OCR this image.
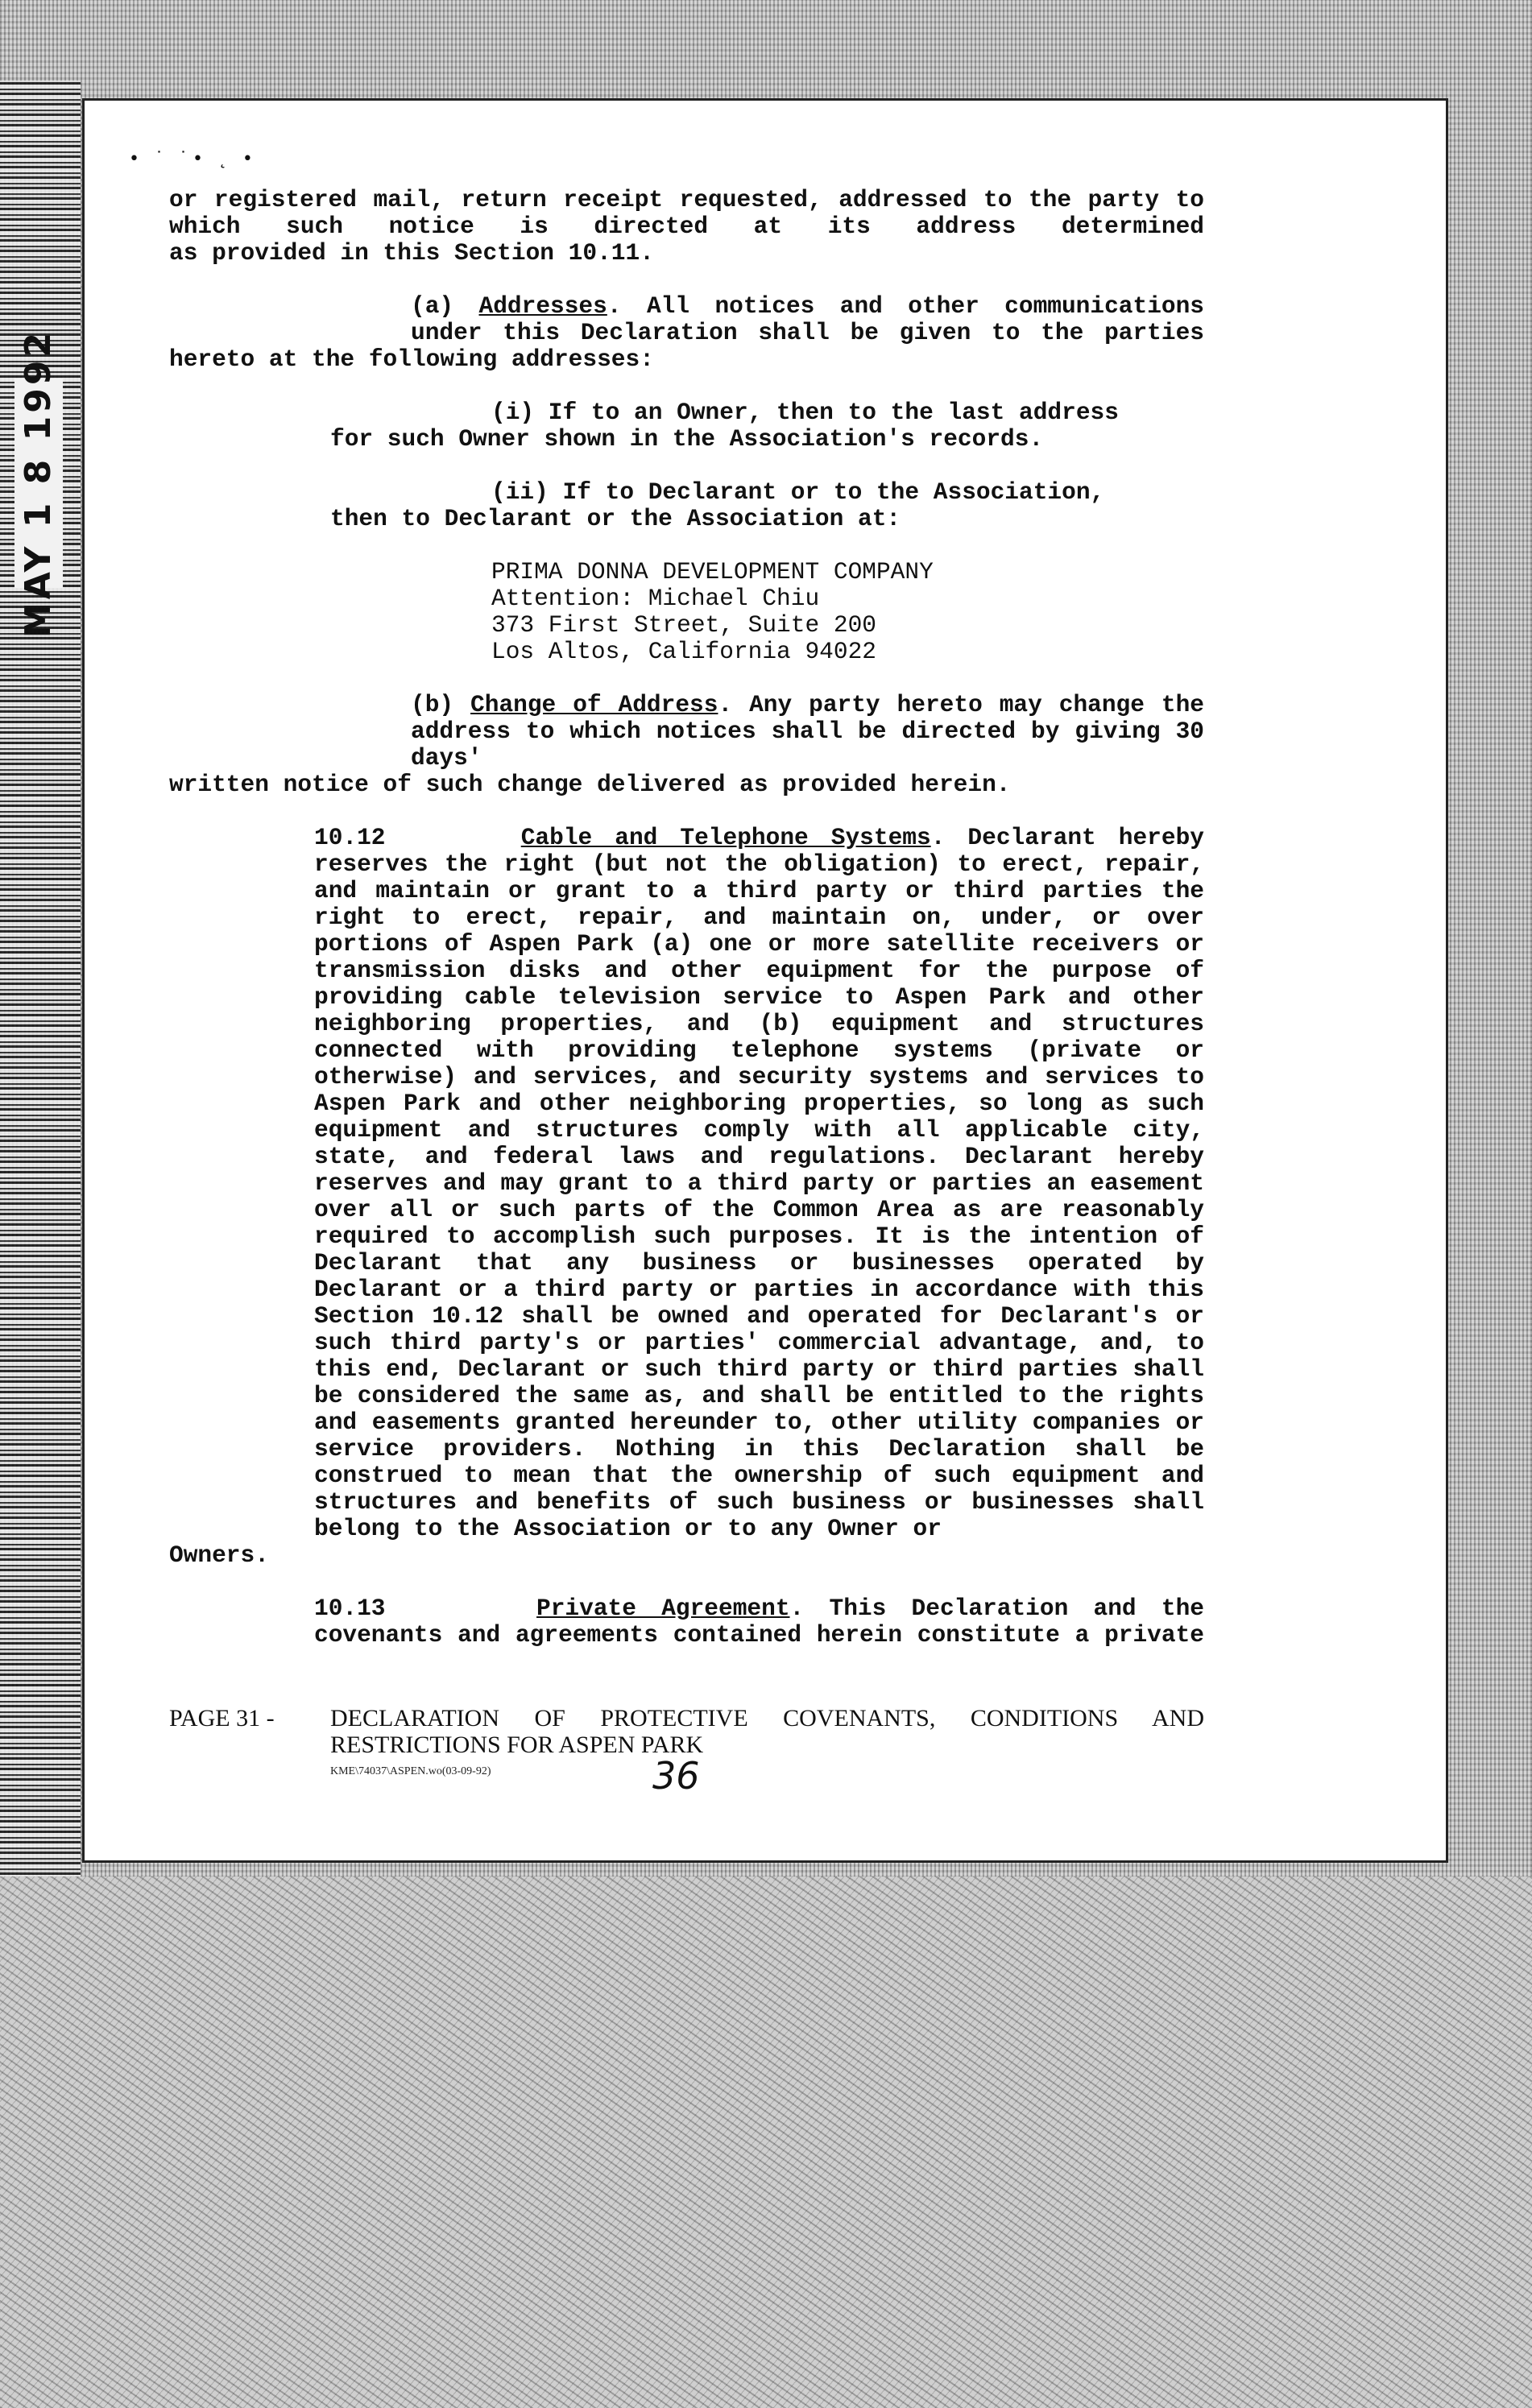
MAY 1 8 1992
• ˙ ˙• ˛ •

or registered mail, return receipt requested, addressed to the party to which such notice is directed at its address determined

as provided in this Section 10.11.

(a) Addresses. All notices and other communications under this Declaration shall be given to the parties

hereto at the following addresses:

(i) If to an Owner, then to the last address

for such Owner shown in the Association's records.

(ii) If to Declarant or to the Association,

then to Declarant or the Association at:

PRIMA DONNA DEVELOPMENT COMPANY

Attention: Michael Chiu

373 First Street, Suite 200

Los Altos, California 94022

(b) Change of Address. Any party hereto may change the address to which notices shall be directed by giving 30 days'

written notice of such change delivered as provided herein.

10.12      Cable and Telephone Systems. Declarant hereby reserves the right (but not the obligation) to erect, repair, and maintain or grant to a third party or third parties the right to erect, repair, and maintain on, under, or over portions of Aspen Park (a) one or more satellite receivers or transmission disks and other equipment for the purpose of providing cable television service to Aspen Park and other neighboring properties, and (b) equipment and structures connected with providing telephone systems (private or otherwise) and services, and security systems and services to Aspen Park and other neighboring properties, so long as such equipment and structures comply with all applicable city, state, and federal laws and regulations. Declarant hereby reserves and may grant to a third party or parties an easement over all or such parts of the Common Area as are reasonably required to accomplish such purposes. It is the intention of Declarant that any business or businesses operated by Declarant or a third party or parties in accordance with this Section 10.12 shall be owned and operated for Declarant's or such third party's or parties' commercial advantage, and, to this end, Declarant or such third party or third parties shall be considered the same as, and shall be entitled to the rights and easements granted hereunder to, other utility companies or service providers. Nothing in this Declaration shall be construed to mean that the ownership of such equipment and structures and benefits of such business or businesses shall belong to the Association or to any Owner or

Owners.

10.13      Private Agreement. This Declaration and the covenants and agreements contained herein constitute a private

PAGE 31 -	DECLARATION OF PROTECTIVE COVENANTS, CONDITIONS AND
RESTRICTIONS FOR ASPEN PARK
KME\74037\ASPEN.wo(03-09-92)	36
